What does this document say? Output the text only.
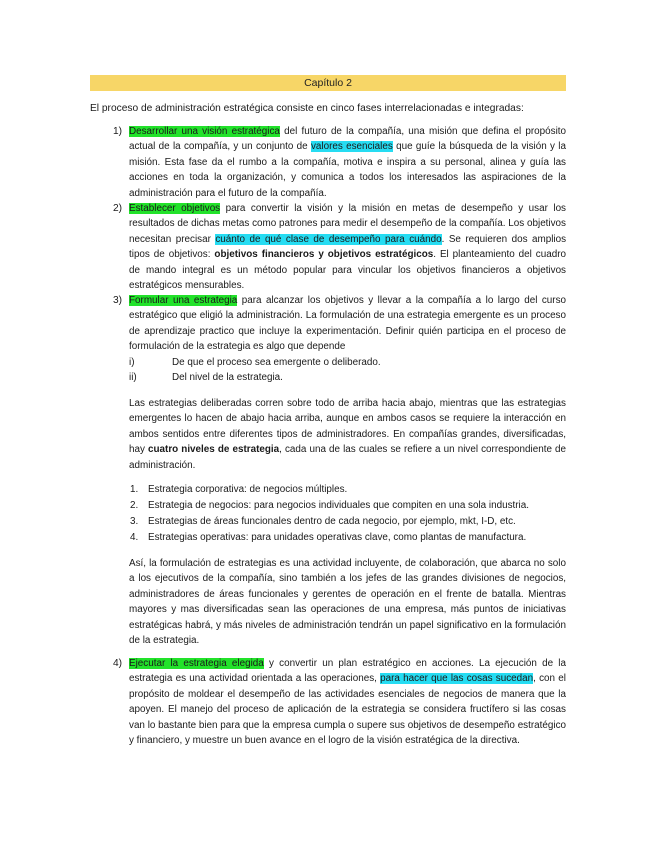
Capítulo 2

El proceso de administración estratégica consiste en cinco fases interrelacionadas e integradas:

1) Desarrollar una visión estratégica del futuro de la compañía, una misión que defina el propósito actual de la compañía, y un conjunto de valores esenciales que guíe la búsqueda de la visión y la misión. Esta fase da el rumbo a la compañía, motiva e inspira a su personal, alinea y guía las acciones en toda la organización, y comunica a todos los interesados las aspiraciones de la administración para el futuro de la compañía.

2) Establecer objetivos para convertir la visión y la misión en metas de desempeño y usar los resultados de dichas metas como patrones para medir el desempeño de la compañía. Los objetivos necesitan precisar cuánto de qué clase de desempeño para cuándo. Se requieren dos amplios tipos de objetivos: objetivos financieros y objetivos estratégicos. El planteamiento del cuadro de mando integral es un método popular para vincular los objetivos financieros a objetivos estratégicos mensurables.

3) Formular una estrategia para alcanzar los objetivos y llevar a la compañía a lo largo del curso estratégico que eligió la administración. La formulación de una estrategia emergente es un proceso de aprendizaje practico que incluye la experimentación. Definir quién participa en el proceso de formulación de la estrategia es algo que depende

i)	De que el proceso sea emergente o deliberado.
ii)	Del nivel de la estrategia.

Las estrategias deliberadas corren sobre todo de arriba hacia abajo, mientras que las estrategias emergentes lo hacen de abajo hacia arriba, aunque en ambos casos se requiere la interacción en ambos sentidos entre diferentes tipos de administradores. En compañías grandes, diversificadas, hay cuatro niveles de estrategia, cada una de las cuales se refiere a un nivel correspondiente de administración.

1. Estrategia corporativa: de negocios múltiples.
2. Estrategia de negocios: para negocios individuales que compiten en una sola industria.
3. Estrategias de áreas funcionales dentro de cada negocio, por ejemplo, mkt, I-D, etc.
4. Estrategias operativas: para unidades operativas clave, como plantas de manufactura.

Así, la formulación de estrategias es una actividad incluyente, de colaboración, que abarca no solo a los ejecutivos de la compañía, sino también a los jefes de las grandes divisiones de negocios, administradores de áreas funcionales y gerentes de operación en el frente de batalla. Mientras mayores y mas diversificadas sean las operaciones de una empresa, más puntos de iniciativas estratégicas habrá, y más niveles de administración tendrán un papel significativo en la formulación de la estrategia.

4) Ejecutar la estrategia elegida y convertir un plan estratégico en acciones. La ejecución de la estrategia es una actividad orientada a las operaciones, para hacer que las cosas sucedan, con el propósito de moldear el desempeño de las actividades esenciales de negocios de manera que la apoyen. El manejo del proceso de aplicación de la estrategia se considera fructífero si las cosas van lo bastante bien para que la empresa cumpla o supere sus objetivos de desempeño estratégico y financiero, y muestre un buen avance en el logro de la visión estratégica de la directiva.
